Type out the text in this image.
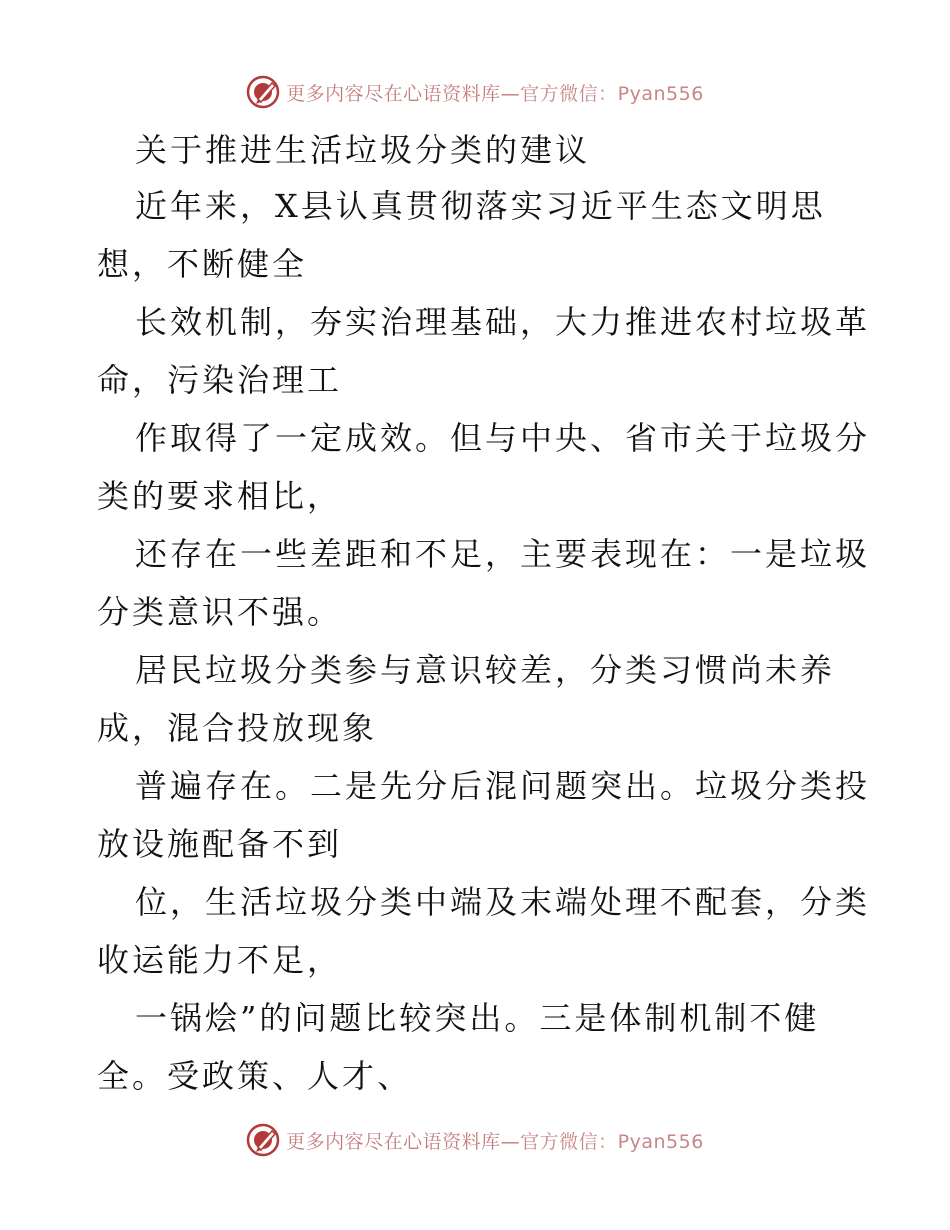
更多内容尽在心语资料库—官方微信：Pyan556
关于推进生活垃圾分类的建议
近年来，X县认真贯彻落实习近平生态文明思
想，不断健全
长效机制，夯实治理基础，大力推进农村垃圾革
命，污染治理工
作取得了一定成效。但与中央、省市关于垃圾分
类的要求相比，
还存在一些差距和不足，主要表现在：一是垃圾
分类意识不强。
居民垃圾分类参与意识较差，分类习惯尚未养
成，混合投放现象
普遍存在。二是先分后混问题突出。垃圾分类投
放设施配备不到
位，生活垃圾分类中端及末端处理不配套，分类
收运能力不足，
一锅烩”的问题比较突出。三是体制机制不健
全。受政策、人才、
更多内容尽在心语资料库—官方微信：Pyan556
